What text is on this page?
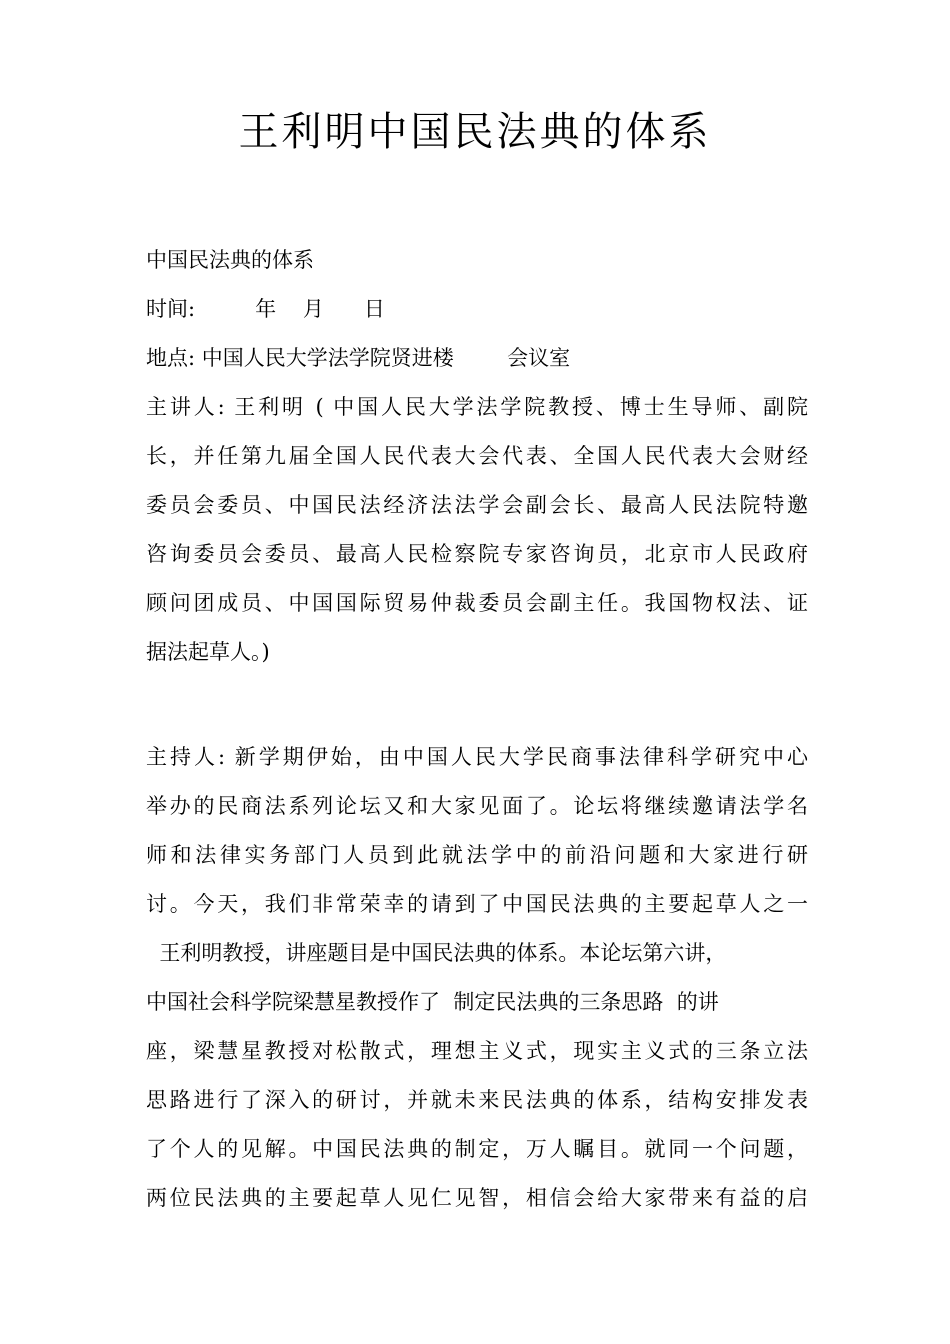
王利明中国民法典的体系
中国民法典的体系
时间:         年    月      日
地点: 中国人民大学法学院贤进楼        会议室
主讲人: 王利明 ( 中国人民大学法学院教授、博士生导师、副院
长，并任第九届全国人民代表大会代表、全国人民代表大会财经
委员会委员、中国民法经济法法学会副会长、最高人民法院特邀
咨询委员会委员、最高人民检察院专家咨询员，北京市人民政府
顾问团成员、中国国际贸易仲裁委员会副主任。我国物权法、证
据法起草人。)
主持人: 新学期伊始，由中国人民大学民商事法律科学研究中心
举办的民商法系列论坛又和大家见面了。论坛将继续邀请法学名
师和法律实务部门人员到此就法学中的前沿问题和大家进行研
讨。今天，我们非常荣幸的请到了中国民法典的主要起草人之一
王利明教授，讲座题目是中国民法典的体系。本论坛第六讲，
中国社会科学院梁慧星教授作了  制定民法典的三条思路  的讲
座，梁慧星教授对松散式，理想主义式，现实主义式的三条立法
思路进行了深入的研讨，并就未来民法典的体系，结构安排发表
了个人的见解。中国民法典的制定，万人瞩目。就同一个问题，
两位民法典的主要起草人见仁见智，相信会给大家带来有益的启
